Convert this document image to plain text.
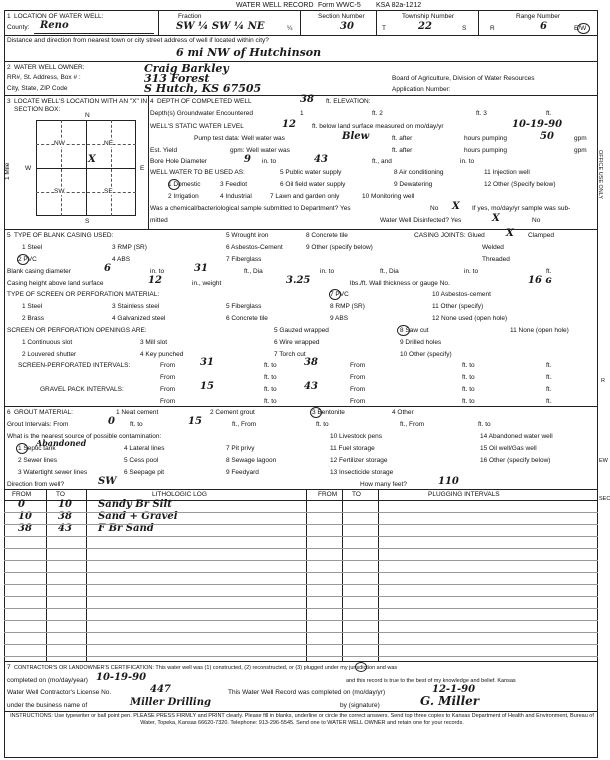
WATER WELL RECORD Form WWC-5 KSA 82a-1212
1 LOCATION OF WATER WELL:
County: Reno
Fraction
SW ¼ SW ¼ NE	¼
Section Number
30
Township Number
T	22	S
Range Number
R	6	E/W
Distance and direction from nearest town or city street address of well if located within city?
6 mi NW of Hutchinson
2 WATER WELL OWNER:	Craig Barkley
RR#, St. Address, Box # :	313 Forest	Board of Agriculture, Division of Water Resources
City, State, ZIP Code	S Hutch, KS 67505	Application Number:
3 LOCATE WELL'S LOCATION WITH AN "X" IN SECTION BOX:
N
S
W	E
1 Mile
NW	NE
SW	SE
X
4 DEPTH OF COMPLETED WELL	38 ft. ELEVATION:
Depth(s) Groundwater Encountered	1	ft. 2	ft. 3	ft.
WELL'S STATIC WATER LEVEL	12 ft. below land surface measured on mo/day/yr	10-19-90
Pump test data: Well water was	Blew	ft. after	hours pumping	50	gpm
Est. Yield	gpm: Well water was	ft. after	hours pumping	gpm
Bore Hole Diameter	9 in. to	43	ft., and	in. to
WELL WATER TO BE USED AS:	5 Public water supply	8 Air conditioning	11 Injection well
1 Domestic	3 Feedlot	6 Oil field water supply	9 Dewatering	12 Other (Specify below)
2 Irrigation	4 Industrial	7 Lawn and garden only	10 Monitoring well
Was a chemical/bacteriological sample submitted to Department? Yes	No X If yes, mo/day/yr sample was sub-
mitted	Water Well Disinfected? Yes	X	No
5 TYPE OF BLANK CASING USED:	5 Wrought iron	8 Concrete tile	CASING JOINTS: Glued X Clamped
1 Steel	3 RMP (SR)	6 Asbestos-Cement	9 Other (specify below)	Welded
2 PVC	4 ABS	7 Fiberglass	Threaded
Blank casing diameter	6	in. to	31	ft., Dia	in. to	ft., Dia	in. to	ft.
Casing height above land surface	12	in., weight	3.25	lbs./ft. Wall thickness or gauge No.	16 ɢ
TYPE OF SCREEN OR PERFORATION MATERIAL:	7 PVC	10 Asbestos-cement
1 Steel	3 Stainless steel	5 Fiberglass	8 RMP (SR)	11 Other (specify)
2 Brass	4 Galvanized steel	6 Concrete tile	9 ABS	12 None used (open hole)
SCREEN OR PERFORATION OPENINGS ARE:	5 Gauzed wrapped	8 Saw cut	11 None (open hole)
1 Continuous slot	3 Mill slot	6 Wire wrapped	9 Drilled holes
2 Louvered shutter	4 Key punched	7 Torch cut	10 Other (specify)
SCREEN-PERFORATED INTERVALS:	From 31	ft. to	38	From	ft. to	ft.
From	ft. to	From	ft. to	ft.
GRAVEL PACK INTERVALS:	From 15	ft. to	43	From	ft. to	ft.
From	ft. to	From	ft. to	ft.
6 GROUT MATERIAL:	1 Neat cement	2 Cement grout	3 Bentonite	4 Other
Grout Intervals: From	0 ft. to	15	ft., From	ft. to	ft., From	ft. to
What is the nearest source of possible contamination:
Abandoned
10 Livestock pens	14 Abandoned water well
1 Septic tank	4 Lateral lines	7 Pit privy	11 Fuel storage	15 Oil well/Gas well
2 Sewer lines	5 Cess pool	8 Sewage lagoon	12 Fertilizer storage	16 Other (specify below)
3 Watertight sewer lines	6 Seepage pit	9 Feedyard	13 Insecticide storage
Direction from well?	SW	How many feet?	110
FROM	TO	LITHOLOGIC LOG	FROM TO	PLUGGING INTERVALS
0	10	Sandy Br Silt
10	38	Sand + Gravel
38	43	F Br Sand
7 CONTRACTOR'S OR LANDOWNER'S CERTIFICATION: This water well was (1) constructed, (2) reconstructed, or (3) plugged under my jurisdiction and was
completed on (mo/day/year) 10-19-90	and this record is true to the best of my knowledge and belief. Kansas
Water Well Contractor's License No.	447	This Water Well Record was completed on (mo/day/yr)	12-1-90
under the business name of	Miller Drilling	by (signature)	G. Miller
INSTRUCTIONS: Use typewriter or ball point pen. PLEASE PRESS FIRMLY and PRINT clearly. Please fill in blanks, underline or circle the correct answers. Send top three copies to Kansas Department of Health and Environment, Bureau of Water, Topeka, Kansas 66620-7320. Telephone: 913-296-5545. Send one to WATER WELL OWNER and retain one for your records.
OFFICE USE ONLY
R
EW
SEC
